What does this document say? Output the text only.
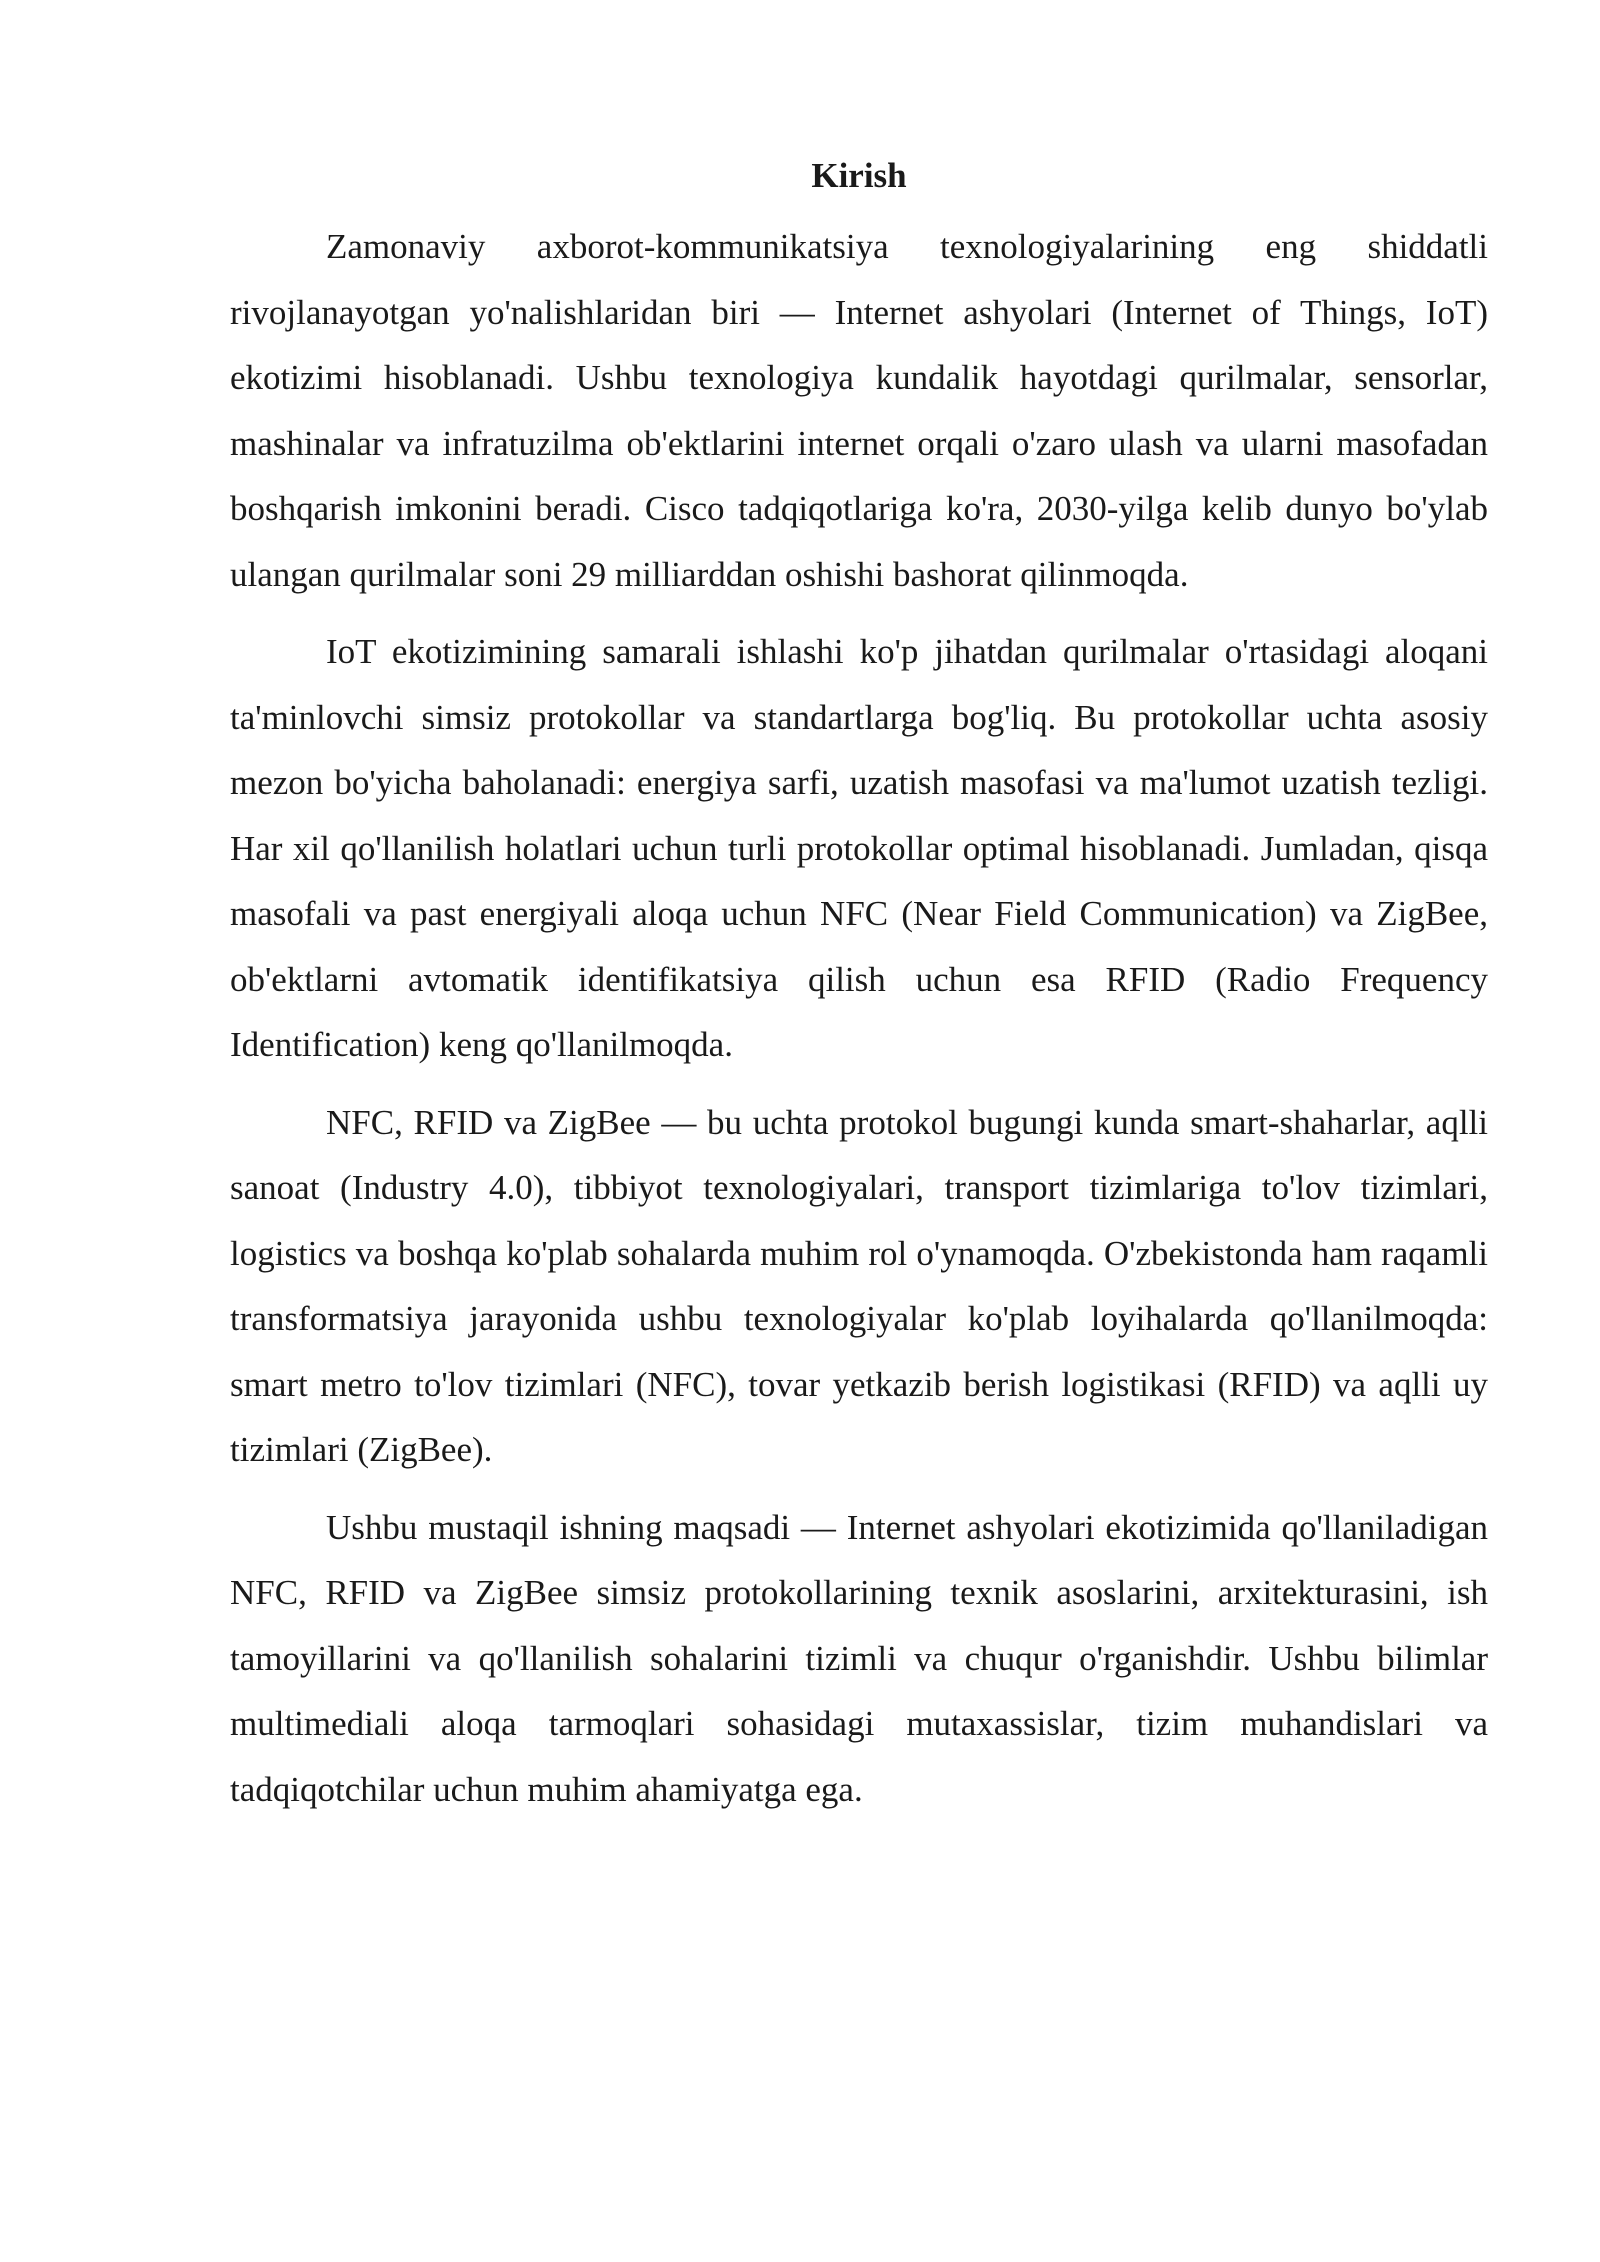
Kirish

Zamonaviy axborot-kommunikatsiya texnologiyalarining eng shiddatli rivojlanayotgan yo'nalishlaridan biri — Internet ashyolari (Internet of Things, IoT) ekotizimi hisoblanadi. Ushbu texnologiya kundalik hayotdagi qurilmalar, sensorlar, mashinalar va infratuzilma ob'ektlarini internet orqali o'zaro ulash va ularni masofadan boshqarish imkonini beradi. Cisco tadqiqotlariga ko'ra, 2030-yilga kelib dunyo bo'ylab ulangan qurilmalar soni 29 milliarddan oshishi bashorat qilinmoqda.

IoT ekotizimining samarali ishlashi ko'p jihatdan qurilmalar o'rtasidagi aloqani ta'minlovchi simsiz protokollar va standartlarga bog'liq. Bu protokollar uchta asosiy mezon bo'yicha baholanadi: energiya sarfi, uzatish masofasi va ma'lumot uzatish tezligi. Har xil qo'llanilish holatlari uchun turli protokollar optimal hisoblanadi. Jumladan, qisqa masofali va past energiyali aloqa uchun NFC (Near Field Communication) va ZigBee, ob'ektlarni avtomatik identifikatsiya qilish uchun esa RFID (Radio Frequency Identification) keng qo'llanilmoqda.

NFC, RFID va ZigBee — bu uchta protokol bugungi kunda smart-shaharlar, aqlli sanoat (Industry 4.0), tibbiyot texnologiyalari, transport tizimlariga to'lov tizimlari, logistics va boshqa ko'plab sohalarda muhim rol o'ynamoqda. O'zbekistonda ham raqamli transformatsiya jarayonida ushbu texnologiyalar ko'plab loyihalarda qo'llanilmoqda: smart metro to'lov tizimlari (NFC), tovar yetkazib berish logistikasi (RFID) va aqlli uy tizimlari (ZigBee).

Ushbu mustaqil ishning maqsadi — Internet ashyolari ekotizimida qo'llaniladigan NFC, RFID va ZigBee simsiz protokollarining texnik asoslarini, arxitekturasini, ish tamoyillarini va qo'llanilish sohalarini tizimli va chuqur o'rganishdir. Ushbu bilimlar multimediali aloqa tarmoqlari sohasidagi mutaxassislar, tizim muhandislari va tadqiqotchilar uchun muhim ahamiyatga ega.
